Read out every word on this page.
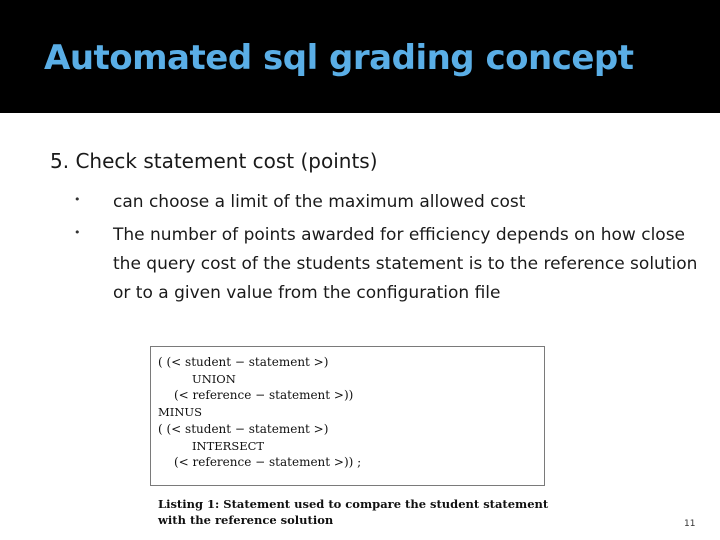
Automated sql grading concept
5. Check statement cost (points)
• can choose a limit of the maximum allowed cost
• The number of points awarded for efficiency depends on how close the query cost of the students statement is to the reference solution or to a given value from the configuration file
( (< student − statement >)
UNION
(< reference − statement >))
MINUS
( (< student − statement >)
INTERSECT
(< reference − statement >)) ;
Listing 1: Statement used to compare the student statement
with the reference solution	11
